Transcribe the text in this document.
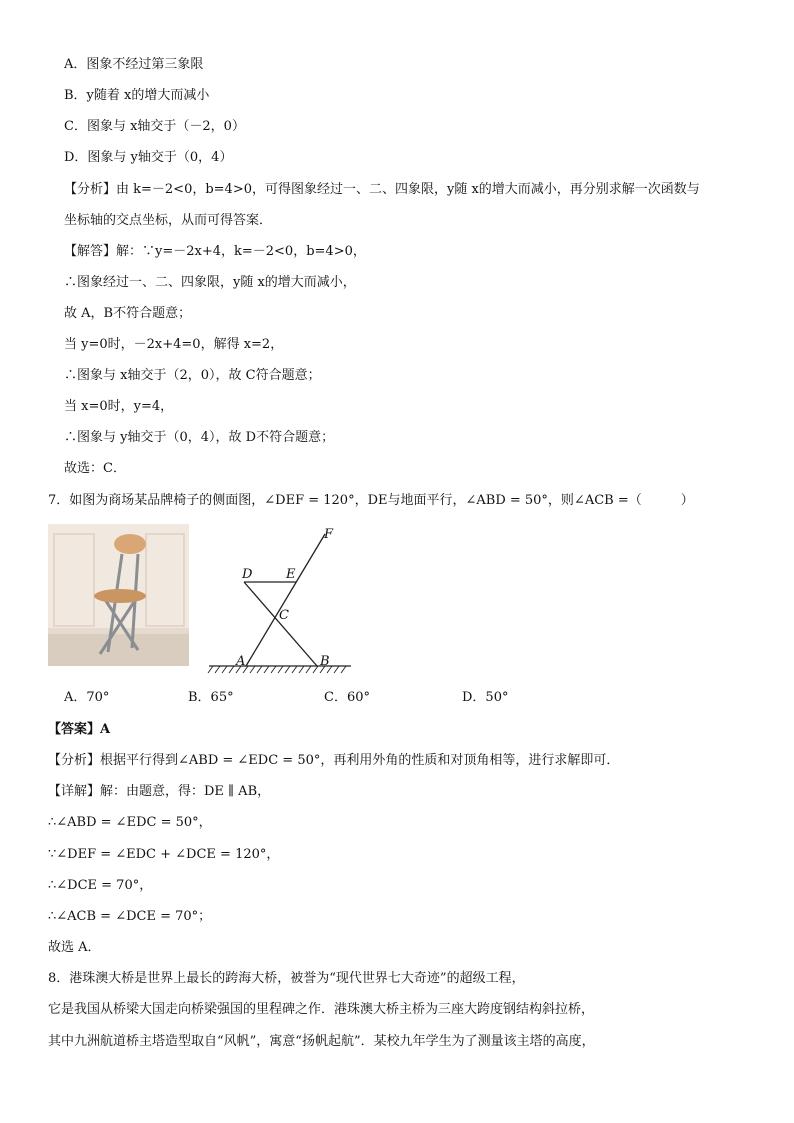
A．图象不经过第三象限
B．y随着 x的增大而减小
C．图象与 x轴交于（－2，0）
D．图象与 y轴交于（0，4）
【分析】由 k=－2<0，b=4>0，可得图象经过一、二、四象限，y随 x的增大而减小，再分别求解一次函数与
坐标轴的交点坐标，从而可得答案．
【解答】解：∵y=－2x+4，k=－2<0，b=4>0，
∴图象经过一、二、四象限，y随 x的增大而减小，
故 A，B不符合题意；
当 y=0时，－2x+4=0，解得 x=2，
∴图象与 x轴交于（2，0），故 C符合题意；
当 x=0时，y=4，
∴图象与 y轴交于（0，4），故 D不符合题意；
故选：C．
7．如图为商场某品牌椅子的侧面图，∠DEF = 120°，DE与地面平行，∠ABD = 50°，则∠ACB =（　　　）
F
D	E
C
A	B
A．70°	B．65°	C．60°	D．50°
【答案】A
【分析】根据平行得到∠ABD = ∠EDC = 50°，再利用外角的性质和对顶角相等，进行求解即可．
【详解】解：由题意，得：DE ∥ AB，
∴∠ABD = ∠EDC = 50°，
∵∠DEF = ∠EDC + ∠DCE = 120°，
∴∠DCE = 70°，
∴∠ACB = ∠DCE = 70°；
故选 A．
8．港珠澳大桥是世界上最长的跨海大桥，被誉为“现代世界七大奇迹”的超级工程，
它是我国从桥梁大国走向桥梁强国的里程碑之作．港珠澳大桥主桥为三座大跨度钢结构斜拉桥，
其中九洲航道桥主塔造型取自“风帆”，寓意“扬帆起航”．某校九年学生为了测量该主塔的高度，
